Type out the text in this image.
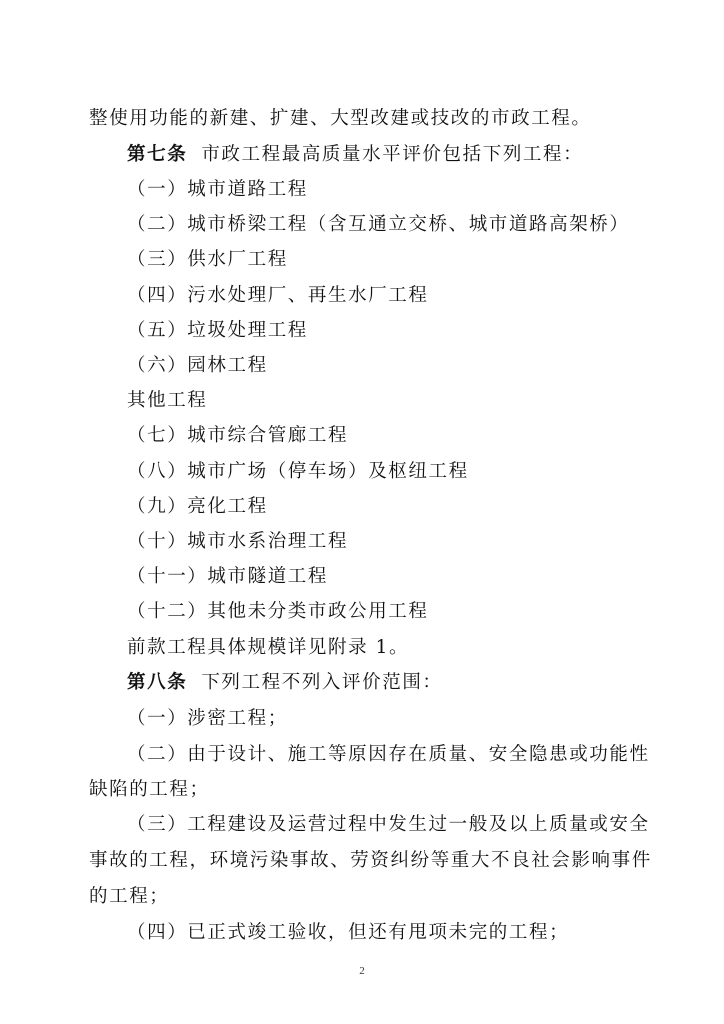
整使用功能的新建、扩建、大型改建或技改的市政工程。
第七条 市政工程最高质量水平评价包括下列工程：
（一）城市道路工程
（二）城市桥梁工程（含互通立交桥、城市道路高架桥）
（三）供水厂工程
（四）污水处理厂、再生水厂工程
（五）垃圾处理工程
（六）园林工程
其他工程
（七）城市综合管廊工程
（八）城市广场（停车场）及枢纽工程
（九）亮化工程
（十）城市水系治理工程
（十一）城市隧道工程
（十二）其他未分类市政公用工程
前款工程具体规模详见附录 1。
第八条 下列工程不列入评价范围：
（一）涉密工程；
（二）由于设计、施工等原因存在质量、安全隐患或功能性
缺陷的工程；
（三）工程建设及运营过程中发生过一般及以上质量或安全
事故的工程，环境污染事故、劳资纠纷等重大不良社会影响事件
的工程；
（四）已正式竣工验收，但还有甩项未完的工程；
2
